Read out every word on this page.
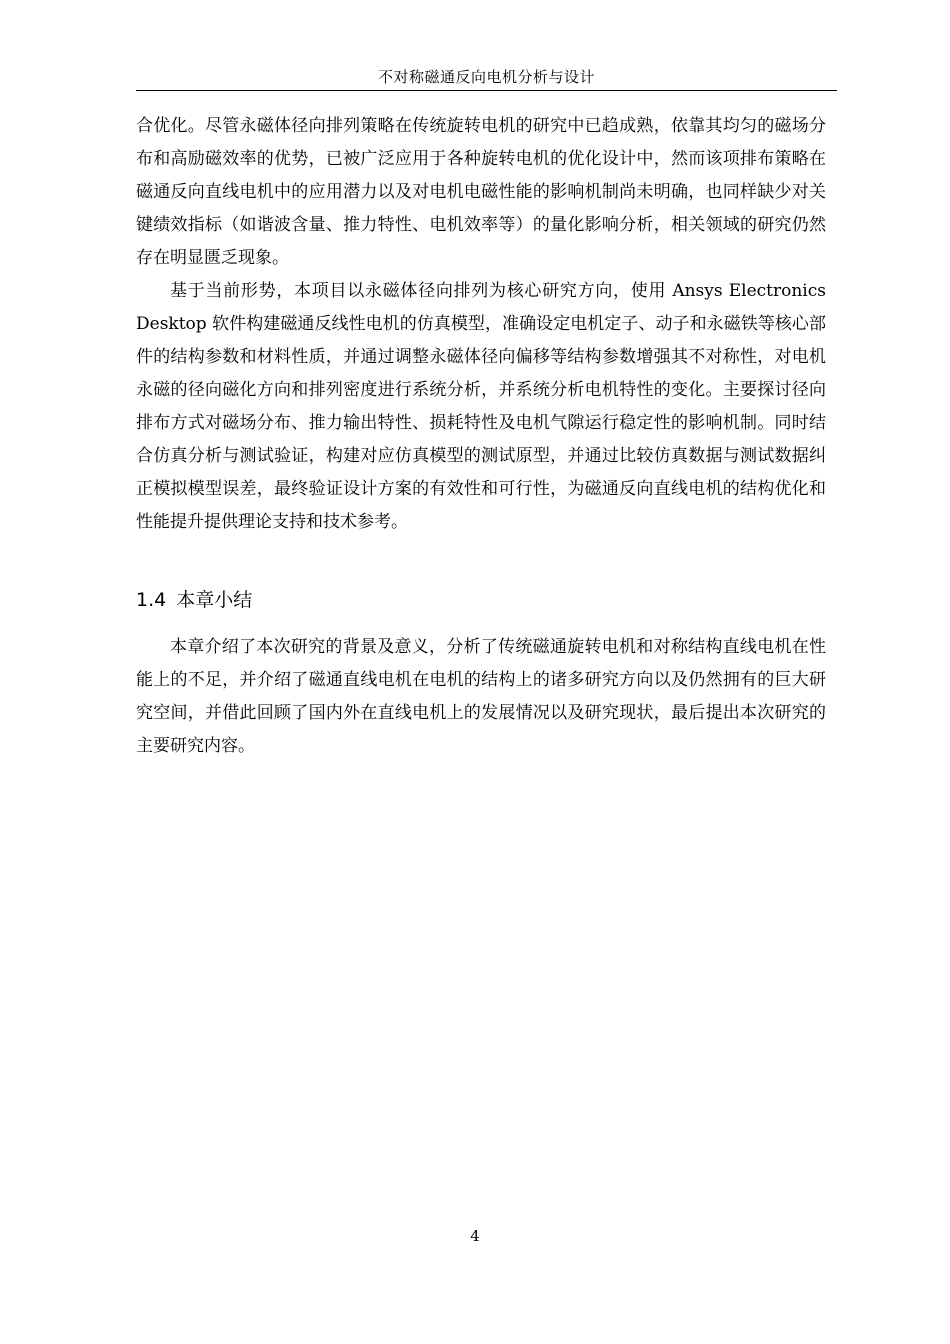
不对称磁通反向电机分析与设计

合优化。尽管永磁体径向排列策略在传统旋转电机的研究中已趋成熟，依靠其均匀的磁场分布和高励磁效率的优势，已被广泛应用于各种旋转电机的优化设计中，然而该项排布策略在磁通反向直线电机中的应用潜力以及对电机电磁性能的影响机制尚未明确，也同样缺少对关键绩效指标（如谐波含量、推力特性、电机效率等）的量化影响分析，相关领域的研究仍然存在明显匮乏现象。

基于当前形势，本项目以永磁体径向排列为核心研究方向，使用 Ansys Electronics Desktop 软件构建磁通反线性电机的仿真模型，准确设定电机定子、动子和永磁铁等核心部件的结构参数和材料性质，并通过调整永磁体径向偏移等结构参数增强其不对称性，对电机永磁的径向磁化方向和排列密度进行系统分析，并系统分析电机特性的变化。主要探讨径向排布方式对磁场分布、推力输出特性、损耗特性及电机气隙运行稳定性的影响机制。同时结合仿真分析与测试验证，构建对应仿真模型的测试原型，并通过比较仿真数据与测试数据纠正模拟模型误差，最终验证设计方案的有效性和可行性，为磁通反向直线电机的结构优化和性能提升提供理论支持和技术参考。

1.4 本章小结

本章介绍了本次研究的背景及意义，分析了传统磁通旋转电机和对称结构直线电机在性能上的不足，并介绍了磁通直线电机在电机的结构上的诸多研究方向以及仍然拥有的巨大研究空间，并借此回顾了国内外在直线电机上的发展情况以及研究现状，最后提出本次研究的主要研究内容。

4
